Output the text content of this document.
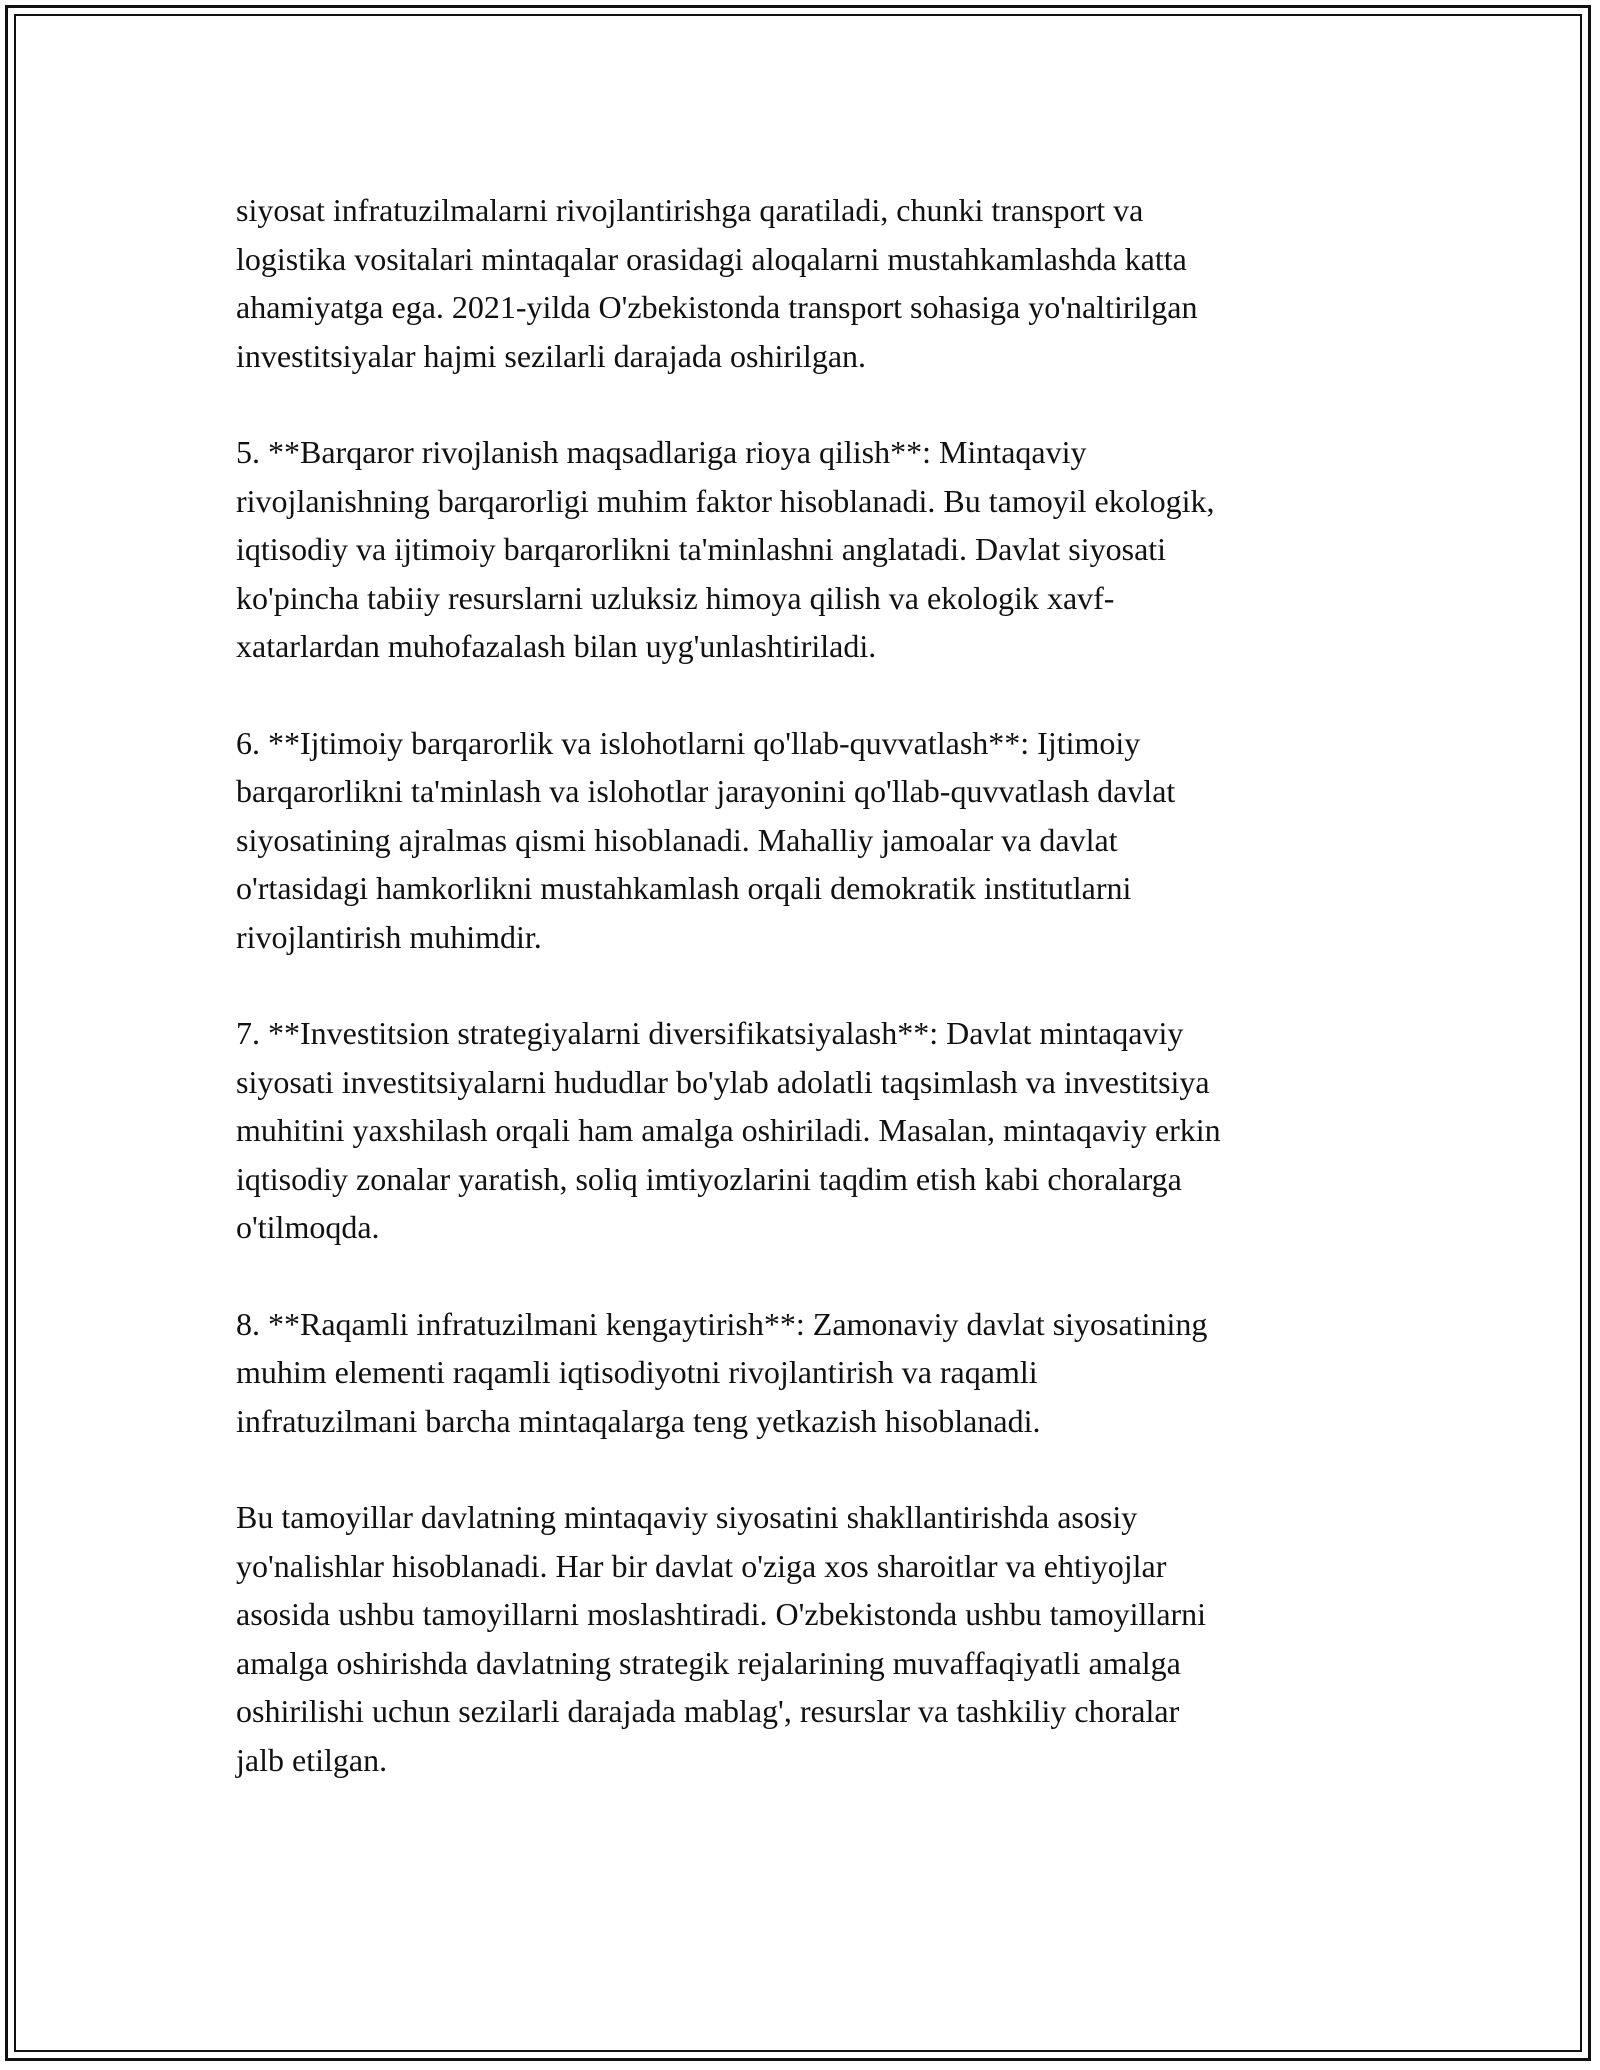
siyosat infratuzilmalarni rivojlantirishga qaratiladi, chunki transport va
logistika vositalari mintaqalar orasidagi aloqalarni mustahkamlashda katta
ahamiyatga ega. 2021-yilda O'zbekistonda transport sohasiga yo'naltirilgan
investitsiyalar hajmi sezilarli darajada oshirilgan.

5. **Barqaror rivojlanish maqsadlariga rioya qilish**: Mintaqaviy
rivojlanishning barqarorligi muhim faktor hisoblanadi. Bu tamoyil ekologik,
iqtisodiy va ijtimoiy barqarorlikni ta'minlashni anglatadi. Davlat siyosati
ko'pincha tabiiy resurslarni uzluksiz himoya qilish va ekologik xavf-
xatarlardan muhofazalash bilan uyg'unlashtiriladi.

6. **Ijtimoiy barqarorlik va islohotlarni qo'llab-quvvatlash**: Ijtimoiy
barqarorlikni ta'minlash va islohotlar jarayonini qo'llab-quvvatlash davlat
siyosatining ajralmas qismi hisoblanadi. Mahalliy jamoalar va davlat
o'rtasidagi hamkorlikni mustahkamlash orqali demokratik institutlarni
rivojlantirish muhimdir.

7. **Investitsion strategiyalarni diversifikatsiyalash**: Davlat mintaqaviy
siyosati investitsiyalarni hududlar bo'ylab adolatli taqsimlash va investitsiya
muhitini yaxshilash orqali ham amalga oshiriladi. Masalan, mintaqaviy erkin
iqtisodiy zonalar yaratish, soliq imtiyozlarini taqdim etish kabi choralarga
o'tilmoqda.

8. **Raqamli infratuzilmani kengaytirish**: Zamonaviy davlat siyosatining
muhim elementi raqamli iqtisodiyotni rivojlantirish va raqamli
infratuzilmani barcha mintaqalarga teng yetkazish hisoblanadi.

Bu tamoyillar davlatning mintaqaviy siyosatini shakllantirishda asosiy
yo'nalishlar hisoblanadi. Har bir davlat o'ziga xos sharoitlar va ehtiyojlar
asosida ushbu tamoyillarni moslashtiradi. O'zbekistonda ushbu tamoyillarni
amalga oshirishda davlatning strategik rejalarining muvaffaqiyatli amalga
oshirilishi uchun sezilarli darajada mablag', resurslar va tashkiliy choralar
jalb etilgan.
